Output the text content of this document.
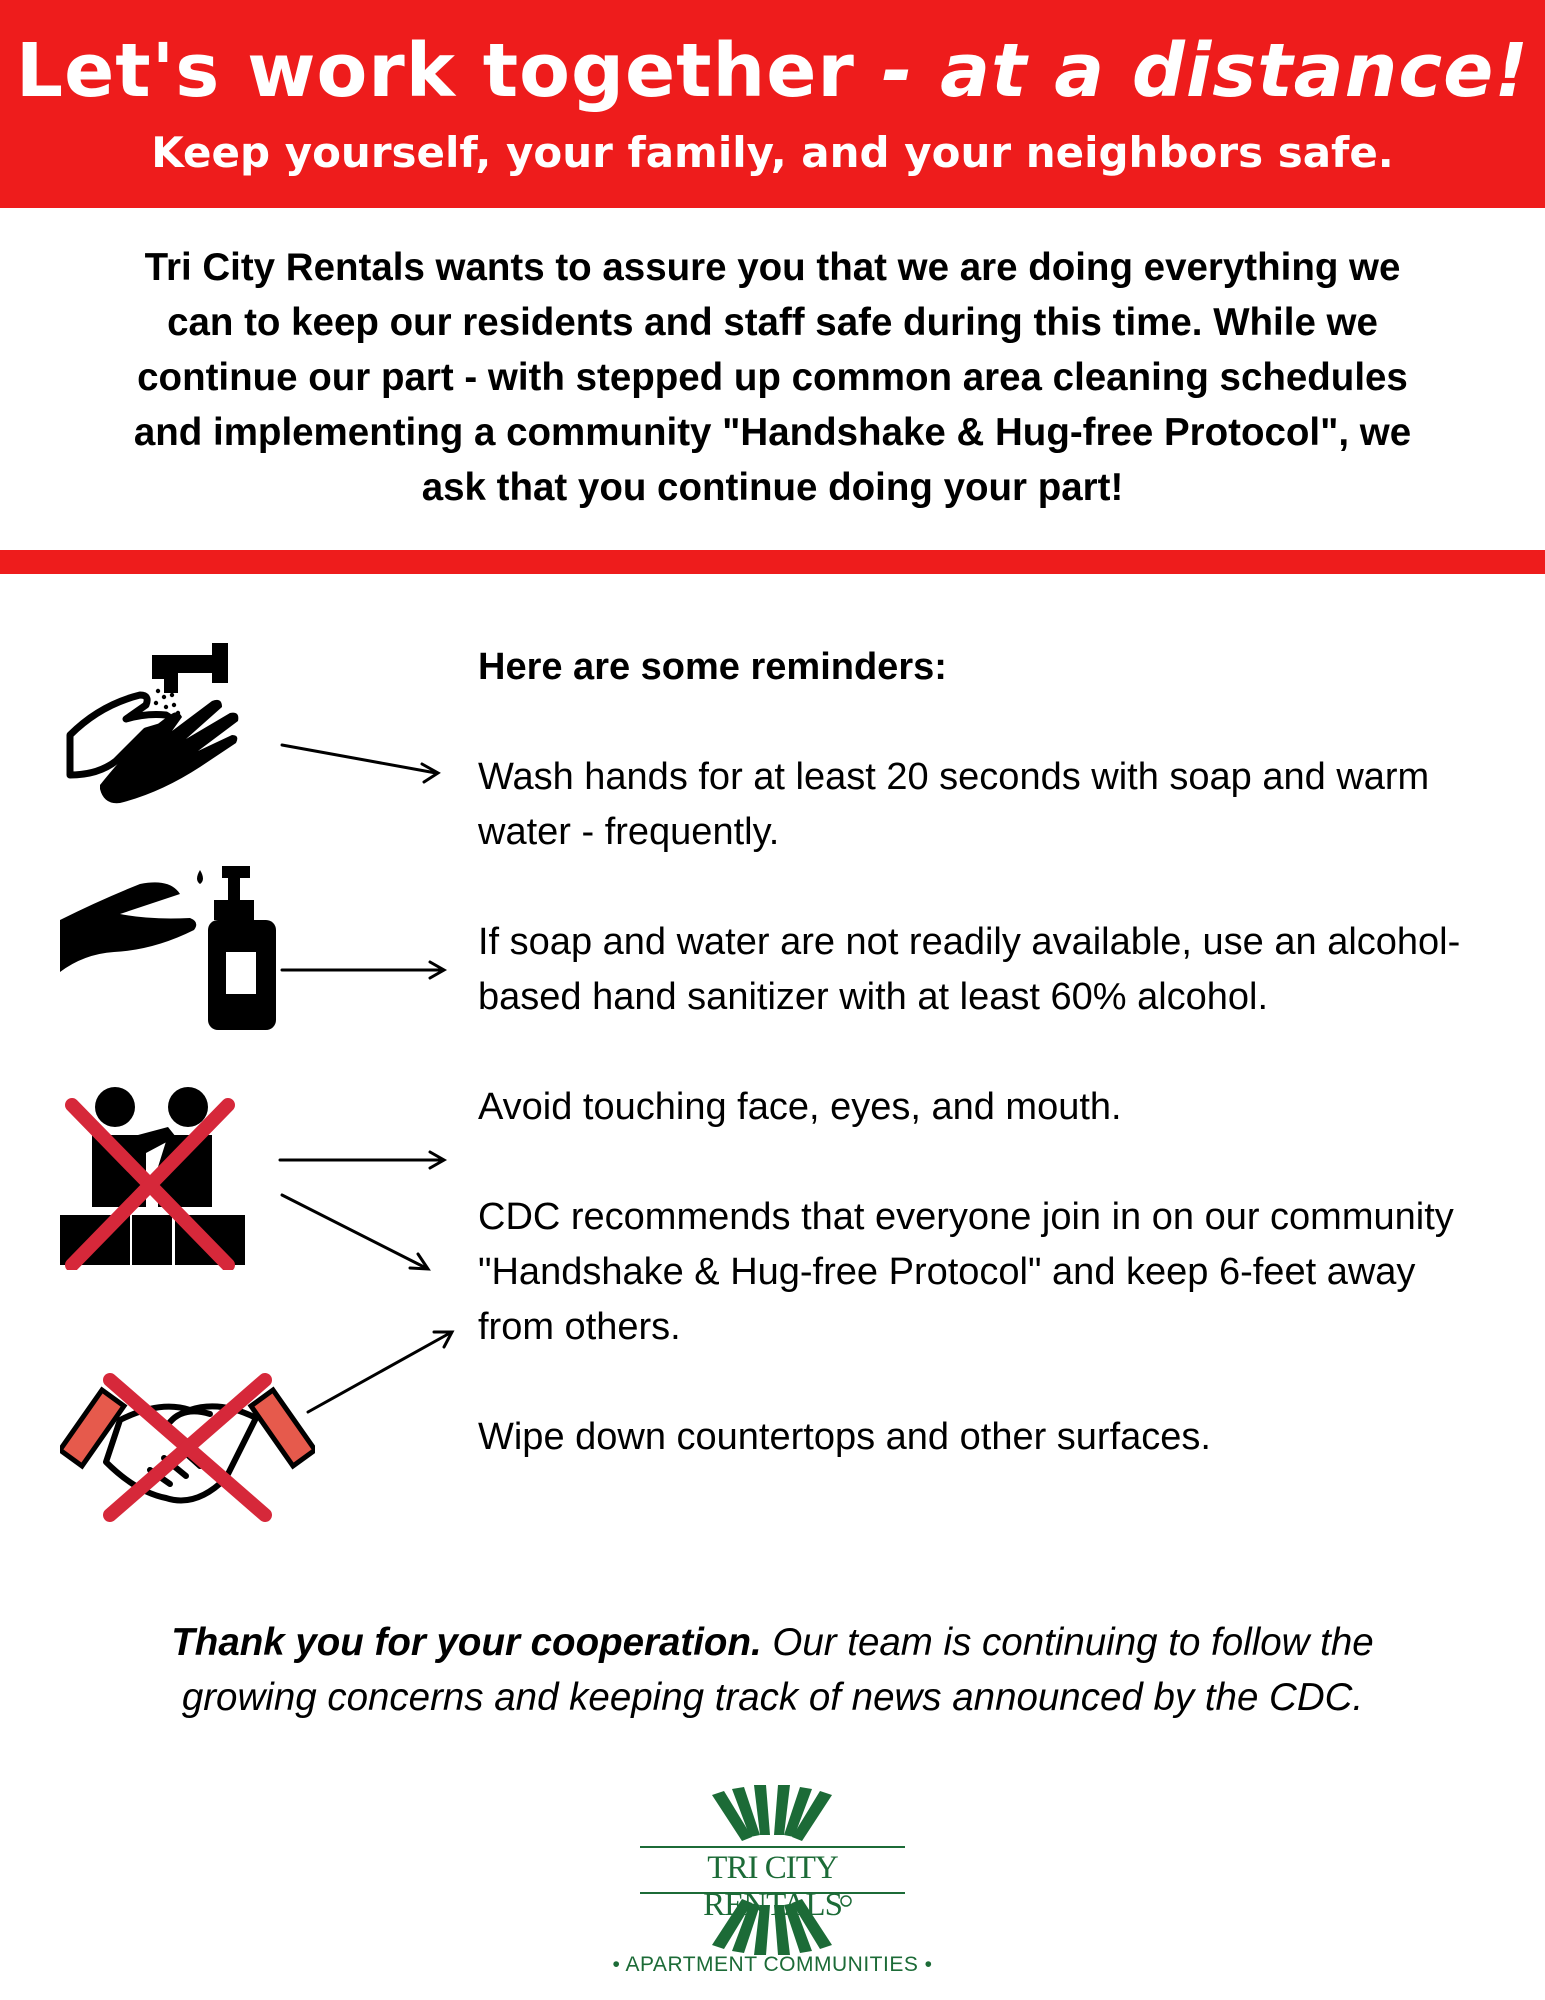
Let's work together - at a distance!
Keep yourself, your family, and your neighbors safe.
Tri City Rentals wants to assure you that we are doing everything we can to keep our residents and staff safe during this time. While we continue our part - with stepped up common area cleaning schedules and implementing a community "Handshake & Hug-free Protocol", we ask that you continue doing your part!

Here are some reminders:

Wash hands for at least 20 seconds with soap and warm water - frequently.

If soap and water are not readily available, use an alcohol-based hand sanitizer with at least 60% alcohol.

Avoid touching face, eyes, and mouth.

CDC recommends that everyone join in on our community "Handshake & Hug-free Protocol" and keep 6-feet away from others.

Wipe down countertops and other surfaces.

Thank you for your cooperation. Our team is continuing to follow the growing concerns and keeping track of news announced by the CDC.
TRI CITY RENTALS
• APARTMENT COMMUNITIES •
